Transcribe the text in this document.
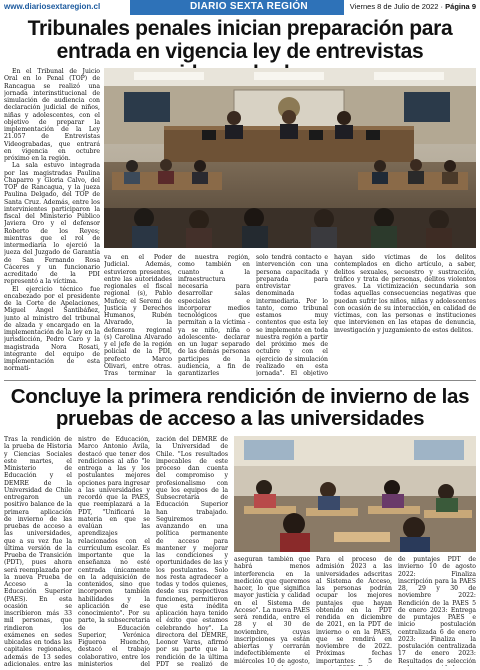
www.diariosextaregion.cl	DIARIO SEXTA REGIÓN	Viernes 8 de Julio de 2022 · Página 9
Tribunales penales inician preparación para entrada en vigencia ley de entrevistas

En el Tribunal de Juicio Oral en lo Penal (TOP) de Rancagua se realizó una jornada interinstitucional de simulación de audiencia con declaración judicial de niños, niñas y adolescentes, con el objetivo de preparar la implementación de la Ley 21.057 de Entrevistas Videograbadas, que entrará en vigencia en octubre próximo en la región.

La sala estuvo integrada por las magistradas Paulina Chaparro y Gloria Calvo, del TOP de Rancagua, y la jueza Paulina Delgado, del TOP de Santa Cruz. Además, entre los intervinientes participaron la fiscal del Ministerio Público Javiera Oro y el defensor Roberto de los Reyes; mientras que el rol de intermediaria lo ejerció la jueza del Juzgado de Garantía de San Fernando Rosa Cáceres y un funcionario acreditado de la PDI representó a la víctima.

El ejercicio técnico fue encabezado por el presidente de la Corte de Apelaciones, Miguel Ángel Santibáñez, junto al ministro del tribunal de alzada y encargado en la implementación de la ley en la jurisdicción, Pedro Caro y la magistrada Nora Rosati, integrante del equipo de implementación de esta normati-

va en el Poder Judicial. Además, estuvieron presentes, entre las autoridades regionales el fiscal regional (s), Pablo Muñoz; el Seremi de Justicia y Derechos Humanos, Rubén Alvarado, la defensora regional (s) Carolina Alvarado y el jefe de la región policial de la PDI, prefecto Marco Olivari, entre otras. Tras terminar la
de nuestra región, como también en cuanto a la infraestructura necesaria para desarrollar salas especiales e incorporar medios tecnológicos que permitan a la víctima -ya se niño, niña o adolescente- declarar en un lugar separado de las demás personas participes de la audiencia, a fin de garantizarles
solo tendrá contacto e intervención con una persona capacitada y preparada para entrevistar denominada intermediaria. Por lo tanto, como tribunal estamos muy contentos que esta ley se implemente en toda nuestra región a partir del próximo mes de octubre y con el ejercicio de simulación realizado en esta jornada". El objetivo
hayan sido víctimas de los delitos contemplados en dicho artículo, a saber, delitos sexuales, secuestro y sustracción, tráfico y trata de personas, delitos violentos graves. La victimización secundaria son todas aquellas consecuencias negativas que puedan sufrir los niños, niñas y adolescentes con ocasión de su interacción, en calidad de víctimas, con las personas e instituciones que intervienen en las etapas de denuncia, investigación y juzgamiento de estos delitos.
Concluye la primera rendición de invierno de las pruebas de acceso a las universidades
Tras la rendición de la prueba de Historia y Ciencias Sociales este martes, el Ministerio de Educación y el DEMRE de la Universidad de Chile entregaron un positivo balance de la primera aplicación de invierno de las pruebas de acceso a las universidades, que a su vez fue la última versión de la Prueba de Transición (PDT), pues ahora será reemplazada por la nueva Prueba de Acceso a la Educación Superior (PAES). En esta ocasión se inscribieron más 33 mil personas, que rindieron los exámenes en sedes ubicadas en todas las capitales regionales, además de 13 sedes adicionales, entre las
nistro de Educación, Marco Antonio Ávila, destacó que tener dos rendiciones al año "le entrega a las y los postulantes mejores opciones para ingresar a las universidades y recordó que la PAES, que reemplazará a la PDT, "Unificará la materia en que se evalúan las aprendizajes relacionados con el currículum escolar. Es importante que la enseñanza no esté centrada únicamente en la adquisición de contenidos, sino que incorporen también habilidades y la aplicación de ese conocimiento". Por su parte, la subsecretaria de Educación Superior, Verónica Figueroa Huencho, destacó el trabajo colaborativo, entre los ministerios del
zación del DEMRE de la Universidad de Chile. "Los resultados impecables de este proceso dan cuenta del compromiso y profesionalismo con que los equipos de la Subsecretaría de Educación Superior han trabajado. Seguiremos avanzando en una política permanente de acceso para mantener y mejorar las condiciones y oportunidades de las y los postulantes. Solo nos resta agradecer a todas y todos quienes, desde sus respectivas funciones, permitieron que esta inédita aplicación haya tenido el éxito que estamos celebrando hoy". La directora del DEMRE, Leonor Varas, afirmó por su parte que la rendición de la última PDT se realizó de
aseguran también que habrá menos interferencia en la medición que queremos hacer, lo que significa mayor justicia y calidad en el Sistema de Acceso". La nueva PAES será rendida, entre el 28 y el 30 de noviembre, cuyas inscripciones ya están abiertas y cerrarán indefectiblemente el miércoles 10 de agosto,
Para el proceso de admisión 2023 a las universidades adscritas al Sistema de Acceso, las personas podrán ocupar los mejores puntajes que hayan obtenido en la PDT rendida en diciembre de 2021, en la PDT de invierno o en la PAES, que se rendirá en noviembre de 2022. Próximas fechas importantes: 5 de
de puntajes PDT de invierno 10 de agosto 2022: Finaliza inscripción para la PAES 28, 29 y 30 de noviembre 2022: Rendición de la PAES 5 de enero 2023: Entrega de puntajes PAES e inicio postulación centralizada 6 de enero 2023: Finaliza la postulación centralizada 17 de enero 2023: Resultados de selección
